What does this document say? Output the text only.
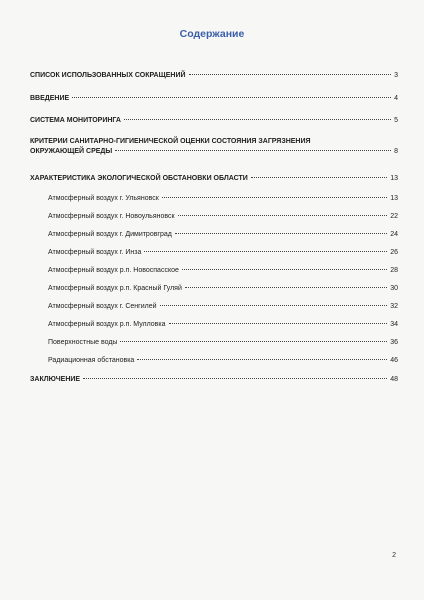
Содержание
СПИСОК ИСПОЛЬЗОВАННЫХ СОКРАЩЕНИЙ	3
ВВЕДЕНИЕ	4
СИСТЕМА МОНИТОРИНГА	5
КРИТЕРИИ САНИТАРНО-ГИГИЕНИЧЕСКОЙ ОЦЕНКИ СОСТОЯНИЯ ЗАГРЯЗНЕНИЯ
ОКРУЖАЮЩЕЙ СРЕДЫ	8
ХАРАКТЕРИСТИКА ЭКОЛОГИЧЕСКОЙ ОБСТАНОВКИ ОБЛАСТИ	13
Атмосферный воздух г. Ульяновск	13
Атмосферный воздух г. Новоульяновск	22
Атмосферный воздух г. Димитровград	24
Атмосферный воздух г. Инза	26
Атмосферный воздух р.п. Новоспасское	28
Атмосферный воздух р.п. Красный Гуляй	30
Атмосферный воздух г. Сенгилей	32
Атмосферный воздух р.п. Мулловка	34
Поверхностные воды	36
Радиационная обстановка	46
ЗАКЛЮЧЕНИЕ	48
2
